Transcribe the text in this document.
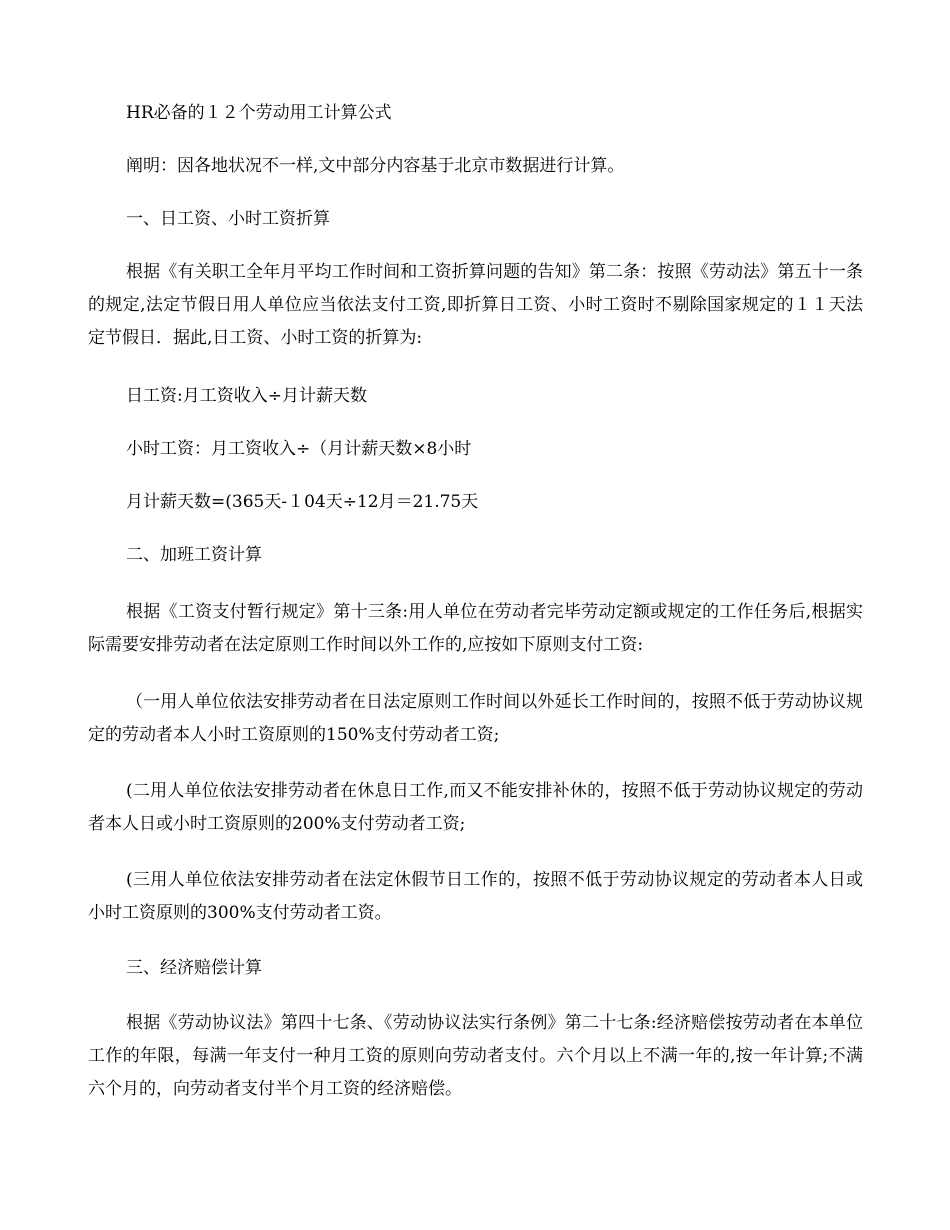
HR必备的１２个劳动用工计算公式

阐明：因各地状况不一样,文中部分内容基于北京市数据进行计算。

一、日工资、小时工资折算

根据《有关职工全年月平均工作时间和工资折算问题的告知》第二条：按照《劳动法》第五十一条的规定,法定节假日用人单位应当依法支付工资,即折算日工资、小时工资时不剔除国家规定的１１天法定节假日．据此,日工资、小时工资的折算为:

日工资:月工资收入÷月计薪天数

小时工资：月工资收入÷（月计薪天数×8小时

月计薪天数=(365天-１04天÷12月＝21.75天

二、加班工资计算

根据《工资支付暂行规定》第十三条:用人单位在劳动者完毕劳动定额或规定的工作任务后,根据实际需要安排劳动者在法定原则工作时间以外工作的,应按如下原则支付工资:

（一用人单位依法安排劳动者在日法定原则工作时间以外延长工作时间的，按照不低于劳动协议规定的劳动者本人小时工资原则的150%支付劳动者工资;

(二用人单位依法安排劳动者在休息日工作,而又不能安排补休的，按照不低于劳动协议规定的劳动者本人日或小时工资原则的200%支付劳动者工资;

(三用人单位依法安排劳动者在法定休假节日工作的，按照不低于劳动协议规定的劳动者本人日或小时工资原则的300%支付劳动者工资。

三、经济赔偿计算

根据《劳动协议法》第四十七条、《劳动协议法实行条例》第二十七条:经济赔偿按劳动者在本单位工作的年限，每满一年支付一种月工资的原则向劳动者支付。六个月以上不满一年的,按一年计算;不满六个月的，向劳动者支付半个月工资的经济赔偿。
